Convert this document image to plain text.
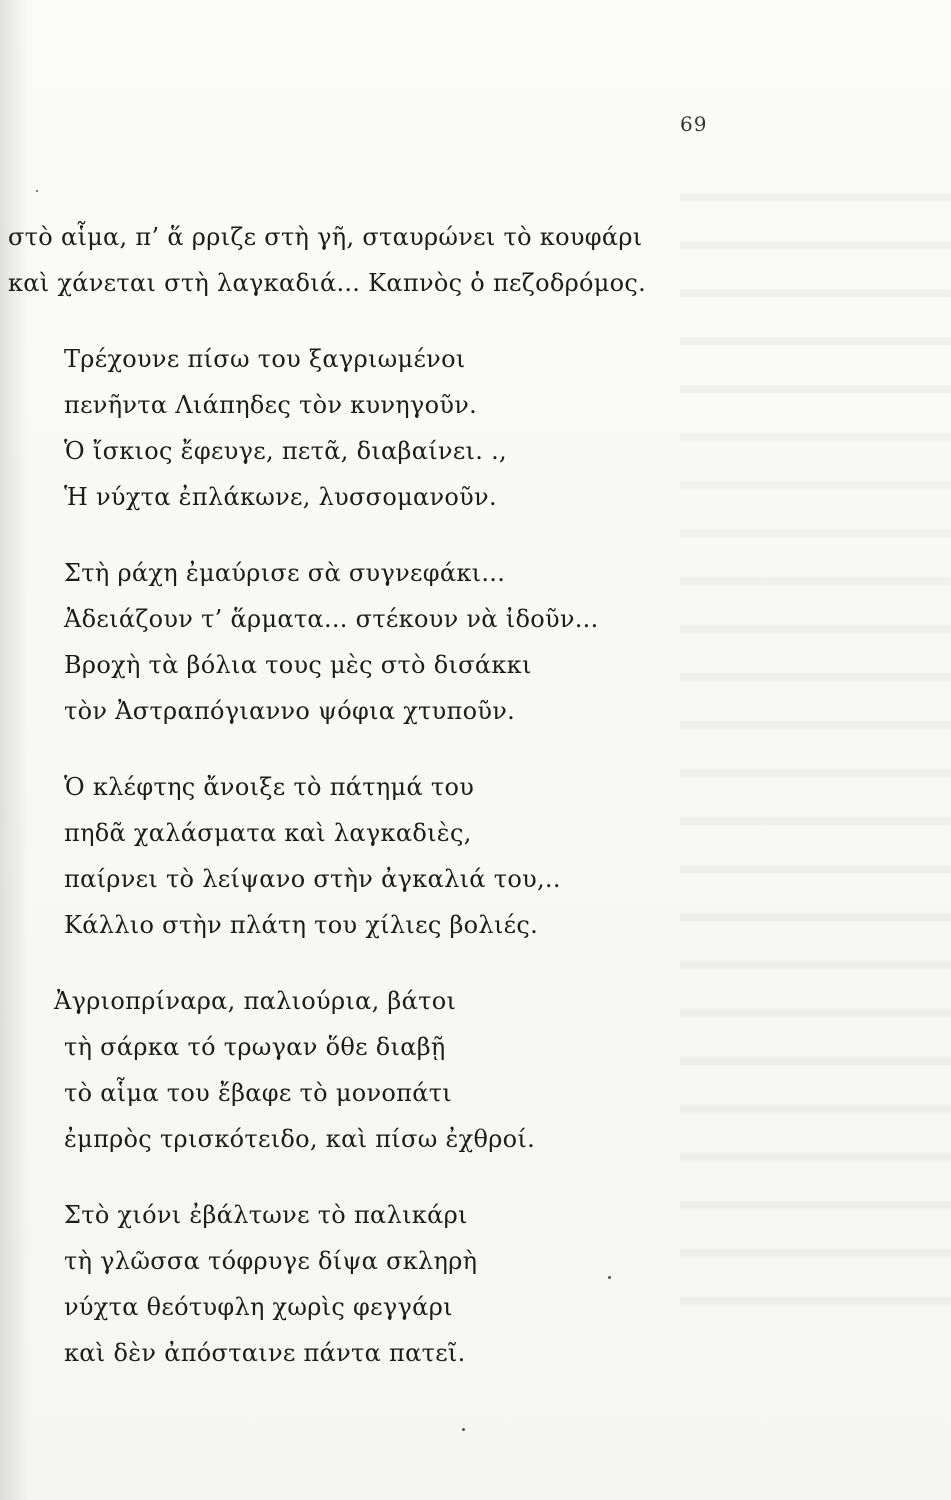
69
στὸ αἷμα, π’ ἅ ρριζε στὴ γῆ, σταυρώνει τὸ κουφάρι
καὶ χάνεται στὴ λαγκαδιά... Καπνὸς ὁ πεζοδρόμος.
Τρέχουνε πίσω του ξαγριωμένοι
πενῆντα Λιάπηδες τὸν κυνηγοῦν.
Ὁ ἴσκιος ἔφευγε, πετᾶ, διαβαίνει. .,
Ἡ νύχτα ἐπλάκωνε, λυσσομανοῦν.
Στὴ ράχη ἐμαύρισε σὰ συγνεφάκι...
Ἀδειάζουν τ’ ἅρματα... στέκουν νὰ ἰδοῦν...
Βροχὴ τὰ βόλια τους μὲς στὸ δισάκκι
τὸν Ἀστραπόγιαννο ψόφια χτυποῦν.
Ὁ κλέφτης ἄνοιξε τὸ πάτημά του
πηδᾶ χαλάσματα καὶ λαγκαδιὲς,
παίρνει τὸ λείψανο στὴν ἀγκαλιά του,..
Κάλλιο στὴν πλάτη του χίλιες βολιές.
Ἀγριοπρίναρα, παλιούρια, βάτοι
τὴ σάρκα τό τρωγαν ὅθε διαβῇ
τὸ αἷμα του ἔβαφε τὸ μονοπάτι
ἐμπρὸς τρισκότειδο, καὶ πίσω ἐχθροί.
Στὸ χιόνι ἐβάλτωνε τὸ παλικάρι
τὴ γλῶσσα τόφρυγε δίψα σκληρὴ
νύχτα θεότυφλη χωρὶς φεγγάρι
καὶ δὲν ἀπόσταινε πάντα πατεῖ.
